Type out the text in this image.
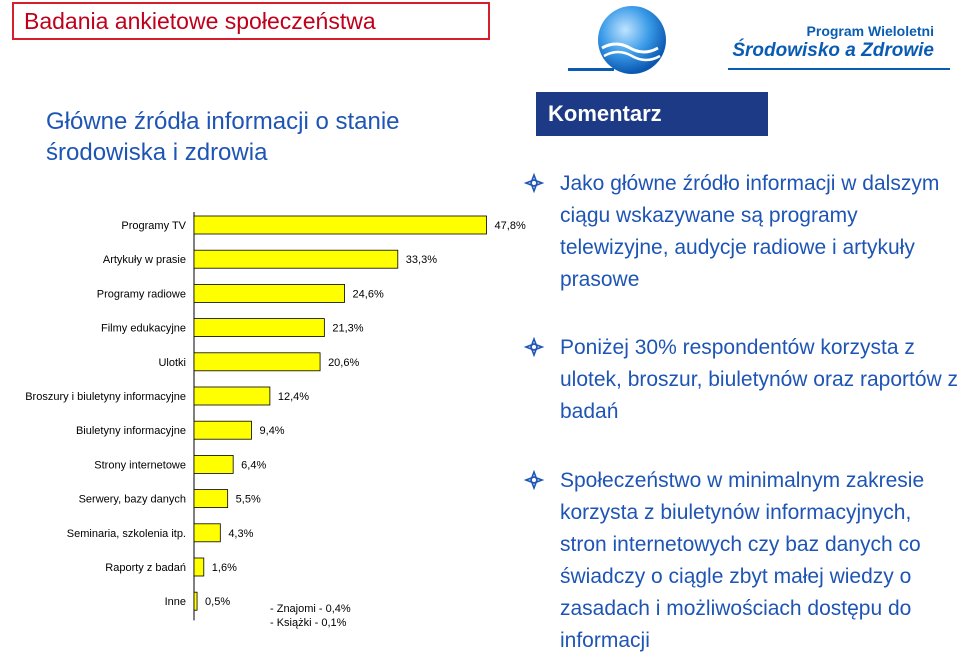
Badania ankietowe społeczeństwa	Program Wieloletni
Środowisko a Zdrowie
Główne źródła informacji o stanie
środowiska i zdrowia
Programy TV	47,8%
Artykuły w prasie	33,3%
Programy radiowe	24,6%
Filmy edukacyjne	21,3%
Ulotki	20,6%
Broszury i biuletyny informacyjne	12,4%
Biuletyny informacyjne	9,4%
Strony internetowe	6,4%
Serwery, bazy danych	5,5%
Seminaria, szkolenia itp.	4,3%
Raporty z badań 1,6%
Inne 0,5%
- Znajomi - 0,4%
- Książki - 0,1%
Komentarz
Jako główne źródło informacji w dalszym ciągu wskazywane są programy telewizyjne, audycje radiowe i artykuły prasowe
Poniżej 30% respondentów korzysta z ulotek, broszur, biuletynów oraz raportów z badań
Społeczeństwo w minimalnym zakresie korzysta z biuletynów informacyjnych, stron internetowych czy baz danych co świadczy o ciągle zbyt małej wiedzy o zasadach i możliwościach dostępu do informacji
